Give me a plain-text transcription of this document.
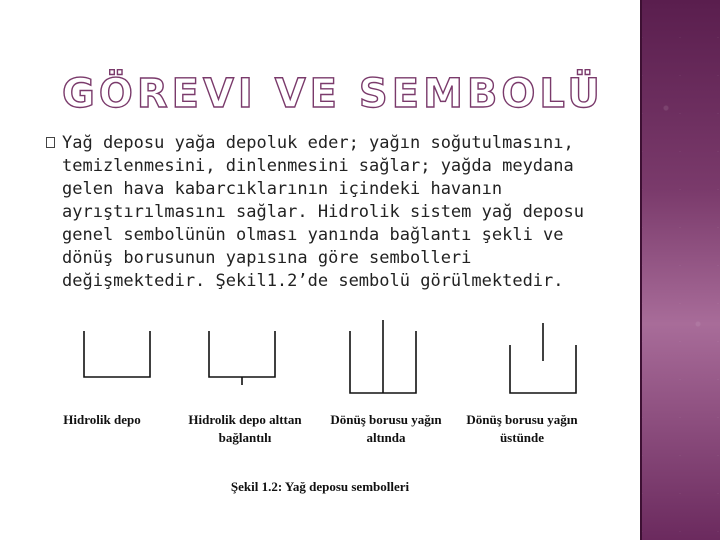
GÖREVI VE SEMBOLÜ

Yağ deposu yağa depoluk eder; yağın soğutulmasını, temizlenmesini, dinlenmesini sağlar; yağda meydana gelen hava kabarcıklarının içindeki havanın ayrıştırılmasını sağlar. Hidrolik sistem yağ deposu genel sembolünün olması yanında bağlantı şekli ve dönüş borusunun yapısına göre sembolleri değişmektedir. Şekil1.2’de sembolü görülmektedir.

Hidrolik depo	Hidrolik depo alttan
bağlantılı
Dönüş borusu yağın
altında
Dönüş borusu yağın
üstünde
Şekil 1.2: Yağ deposu sembolleri
